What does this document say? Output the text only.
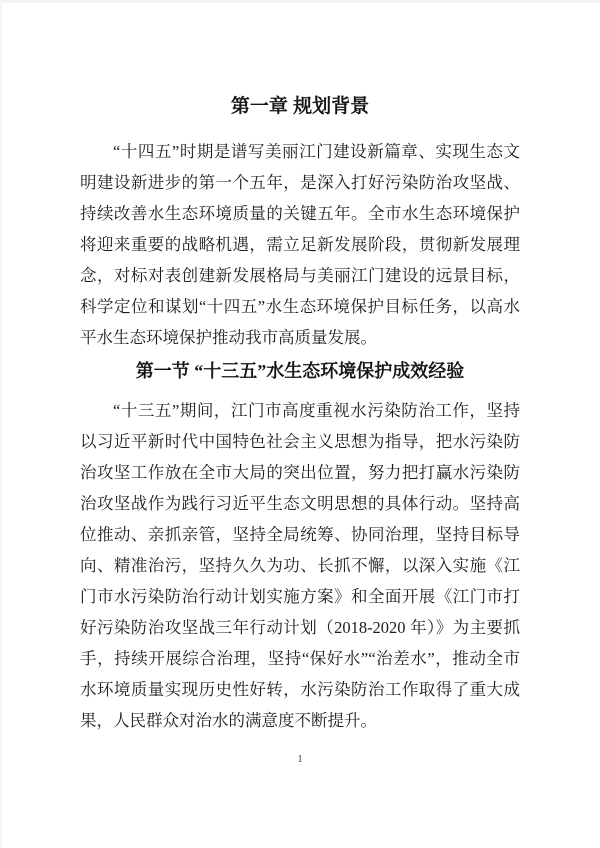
第一章 规划背景

“十四五”时期是谱写美丽江门建设新篇章、实现生态文明建设新进步的第一个五年，是深入打好污染防治攻坚战、持续改善水生态环境质量的关键五年。全市水生态环境保护将迎来重要的战略机遇，需立足新发展阶段，贯彻新发展理念，对标对表创建新发展格局与美丽江门建设的远景目标，科学定位和谋划“十四五”水生态环境保护目标任务，以高水平水生态环境保护推动我市高质量发展。

第一节 “十三五”水生态环境保护成效经验

“十三五”期间，江门市高度重视水污染防治工作，坚持以习近平新时代中国特色社会主义思想为指导，把水污染防治攻坚工作放在全市大局的突出位置，努力把打赢水污染防治攻坚战作为践行习近平生态文明思想的具体行动。坚持高位推动、亲抓亲管，坚持全局统筹、协同治理，坚持目标导向、精准治污，坚持久久为功、长抓不懈，以深入实施《江门市水污染防治行动计划实施方案》和全面开展《江门市打好污染防治攻坚战三年行动计划（2018-2020 年）》为主要抓手，持续开展综合治理，坚持“保好水”“治差水”，推动全市水环境质量实现历史性好转，水污染防治工作取得了重大成果，人民群众对治水的满意度不断提升。

1
